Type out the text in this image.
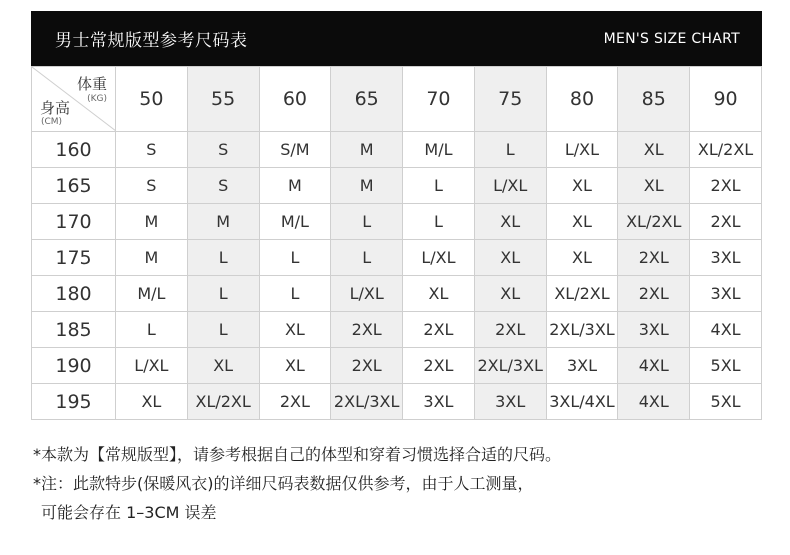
男士常规版型参考尺码表	MEN'S SIZE CHART
体重
(KG)
身高
(CM)	50	55	60	65	70	75	80	85	90
160	S	S	S/M	M	M/L	L	L/XL	XL	XL/2XL
165	S	S	M	M	L	L/XL	XL	XL	2XL
170	M	M	M/L	L	L	XL	XL	XL/2XL	2XL
175	M	L	L	L	L/XL	XL	XL	2XL	3XL
180	M/L	L	L	L/XL	XL	XL	XL/2XL	2XL	3XL
185	L	L	XL	2XL	2XL	2XL	2XL/3XL	3XL	4XL
190	L/XL	XL	XL	2XL	2XL	2XL/3XL	3XL	4XL	5XL
195	XL	XL/2XL	2XL	2XL/3XL	3XL	3XL	3XL/4XL	4XL	5XL
*本款为【常规版型】，请参考根据自己的体型和穿着习惯选择合适的尺码。
*注：此款特步(保暖风衣)的详细尺码表数据仅供参考，由于人工测量，
可能会存在 1–3CM 误差
